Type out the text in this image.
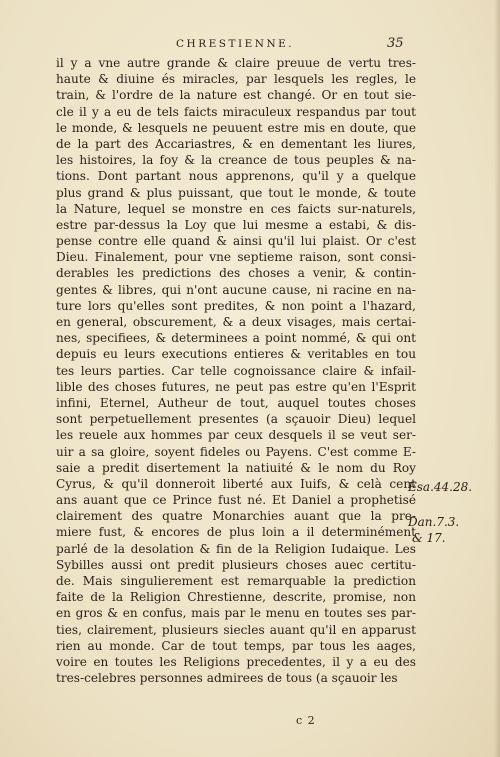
CHRESTIENNE.	35
il y a vne autre grande & claire preuue de vertu tres-
haute & diuine és miracles, par lesquels les regles, le
train, & l'ordre de la nature est changé. Or en tout sie-
cle il y a eu de tels faicts miraculeux respandus par tout
le monde, & lesquels ne peuuent estre mis en doute, que
de la part des Accariastres, & en dementant les liures,
les histoires, la foy & la creance de tous peuples & na-
tions. Dont partant nous apprenons, qu'il y a quelque
plus grand & plus puissant, que tout le monde, & toute
la Nature, lequel se monstre en ces faicts sur-naturels,
estre par-dessus la Loy que lui mesme a estabi, & dis-
pense contre elle quand & ainsi qu'il lui plaist. Or c'est
Dieu. Finalement, pour vne septieme raison, sont consi-
derables les predictions des choses a venir, & contin-
gentes & libres, qui n'ont aucune cause, ni racine en na-
ture lors qu'elles sont predites, & non point a l'hazard,
en general, obscurement, & a deux visages, mais certai-
nes, specifiees, & determinees a point nommé, & qui ont
depuis eu leurs executions entieres & veritables en tou
tes leurs parties. Car telle cognoissance claire & infail-
lible des choses futures, ne peut pas estre qu'en l'Esprit
infini, Eternel, Autheur de tout, auquel toutes choses
sont perpetuellement presentes (a sçauoir Dieu) lequel
les reuele aux hommes par ceux desquels il se veut ser-
uir a sa gloire, soyent fideles ou Payens. C'est comme E-
saie a predit disertement la natiuité & le nom du Roy
Cyrus, & qu'il donneroit liberté aux Iuifs, & celà cent
ans auant que ce Prince fust né. Et Daniel a prophetisé
clairement des quatre Monarchies auant que la pre-
miere fust, & encores de plus loin a il determinément
parlé de la desolation & fin de la Religion Iudaique. Les
Sybilles aussi ont predit plusieurs choses auec certitu-
de. Mais singulierement est remarquable la prediction
faite de la Religion Chrestienne, descrite, promise, non
en gros & en confus, mais par le menu en toutes ses par-
ties, clairement, plusieurs siecles auant qu'il en apparust
rien au monde. Car de tout temps, par tous les aages,
voire en toutes les Religions precedentes, il y a eu des
tres-celebres personnes admirees de tous (a sçauoir les
Esa.44.28.
Dan.7.3.
& 17.
c 2
